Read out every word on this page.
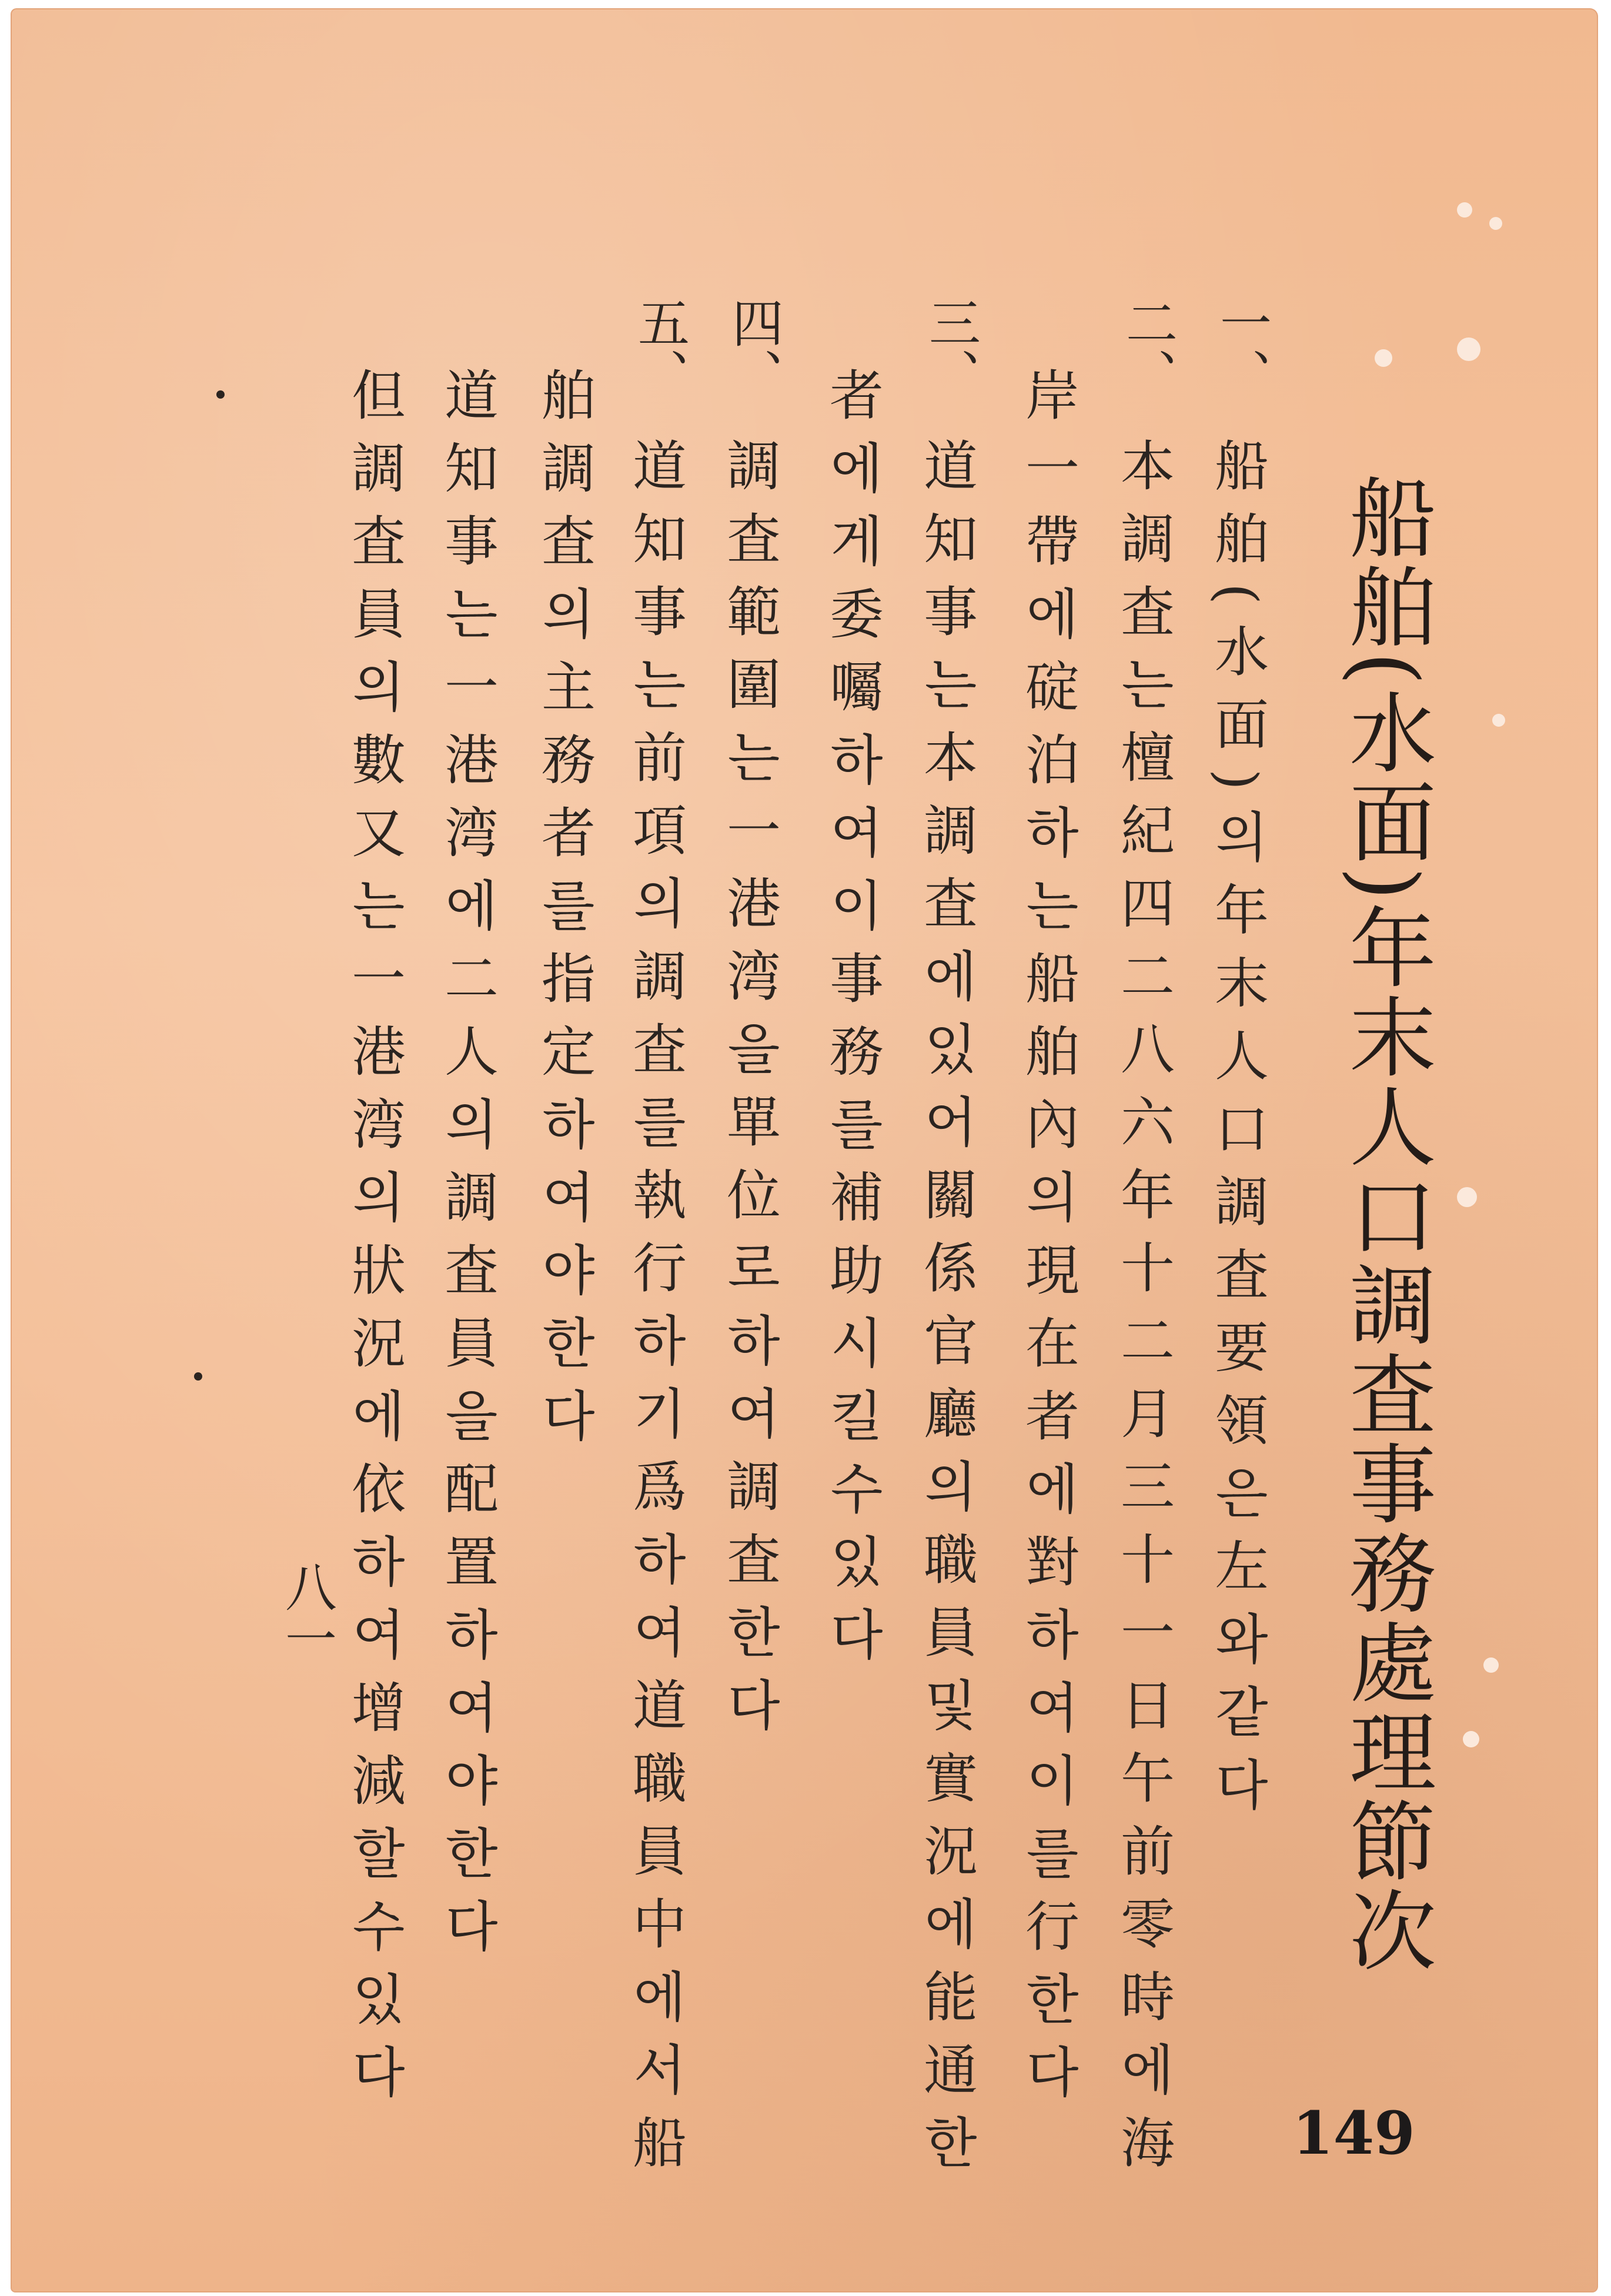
船舶(水面)年末人口調査事務處理節次
一、
船舶(水面)의年末人口調査要領은左와같다
二、
本調査는檀紀四二八六年十二月三十一日午前零時에海
岸一帶에碇泊하는船舶內의現在者에對하여이를行한다
三、
道知事는本調査에있어關係官廳의職員및實況에能通한
者에게委囑하여이事務를補助시킬수있다
四、
調査範圍는一港湾을單位로하여調査한다
五、
道知事는前項의調査를執行하기爲하여道職員中에서船
舶調査의主務者를指定하여야한다
道知事는一港湾에二人의調査員을配置하여야한다
但調査員의數又는一港湾의狀況에依하여增減할수있다
八一
149
